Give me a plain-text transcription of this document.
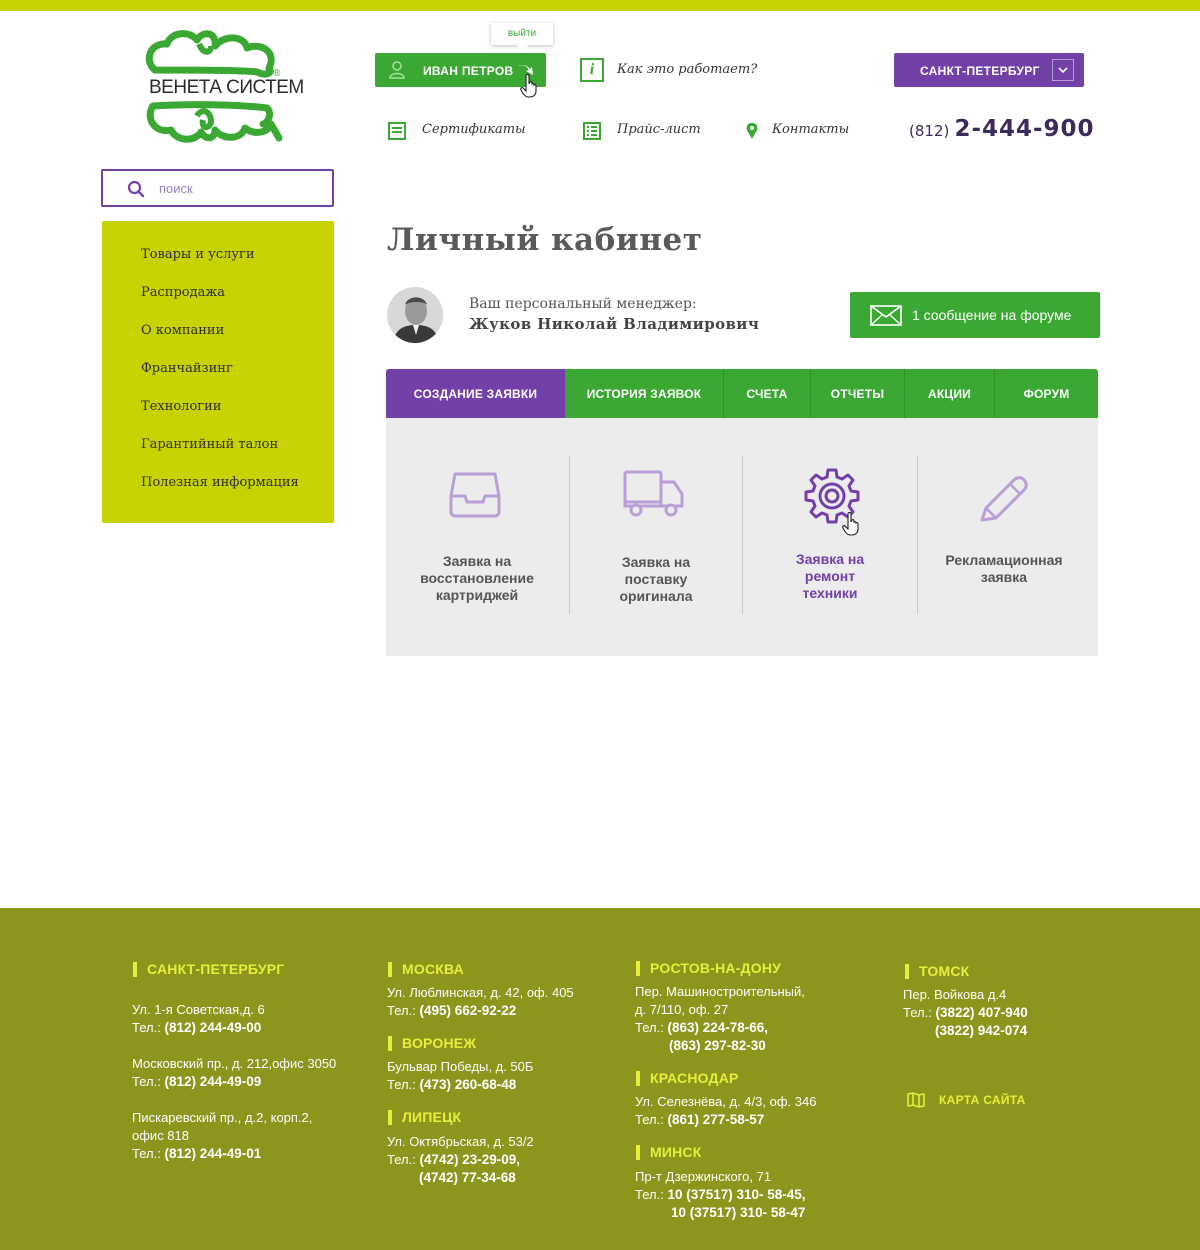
ВЕНЕТА СИСТЕМ
®
выйти
ИВАН ПЕТРОВ	i	Как это работает?	САНКТ-ПЕТЕРБУРГ
Сертификаты	Прайс-лист	Контакты	(812) 2-444-900
поиск
Товары и услуги
Распродажа
О компании
Франчайзинг
Технологии
Гарантийный талон
Полезная информация
Личный кабинет
Ваш персональный менеджер:
Жуков Николай Владимирович	1 сообщение на форуме
СОЗДАНИЕ ЗАЯВКИ	ИСТОРИЯ ЗАЯВОК	СЧЕТА	ОТЧЕТЫ	АКЦИИ	ФОРУМ
Заявка на
восстановление
картриджей
Заявка на
поставку
оригинала
Заявка на
ремонт
техники
Рекламационная
заявка
САНКТ-ПЕТЕРБУРГ
Ул. 1-я Советская,д. 6
Тел.: (812) 244-49-00
Московский пр., д. 212,офис 3050
Тел.: (812) 244-49-09
Пискаревский пр., д.2, корп.2,
офис 818
Тел.: (812) 244-49-01
МОСКВА
Ул. Люблинская, д. 42, оф. 405
Тел.: (495) 662-92-22
ВОРОНЕЖ
Бульвар Победы, д. 50Б
Тел.: (473) 260-68-48
ЛИПЕЦК
Ул. Октябрьская, д. 53/2
Тел.: (4742) 23-29-09,
(4742) 77-34-68
РОСТОВ-НА-ДОНУ
Пер. Машиностроительный,
д. 7/110, оф. 27
Тел.: (863) 224-78-66,
(863) 297-82-30
КРАСНОДАР
Ул. Селезнёва, д. 4/3, оф. 346
Тел.: (861) 277-58-57
МИНСК
Пр-т Дзержинского, 71
Тел.: 10 (37517) 310- 58-45,
10 (37517) 310- 58-47
ТОМСК
Пер. Войкова д.4
Тел.: (3822) 407-940
(3822) 942-074
КАРТА САЙТА
